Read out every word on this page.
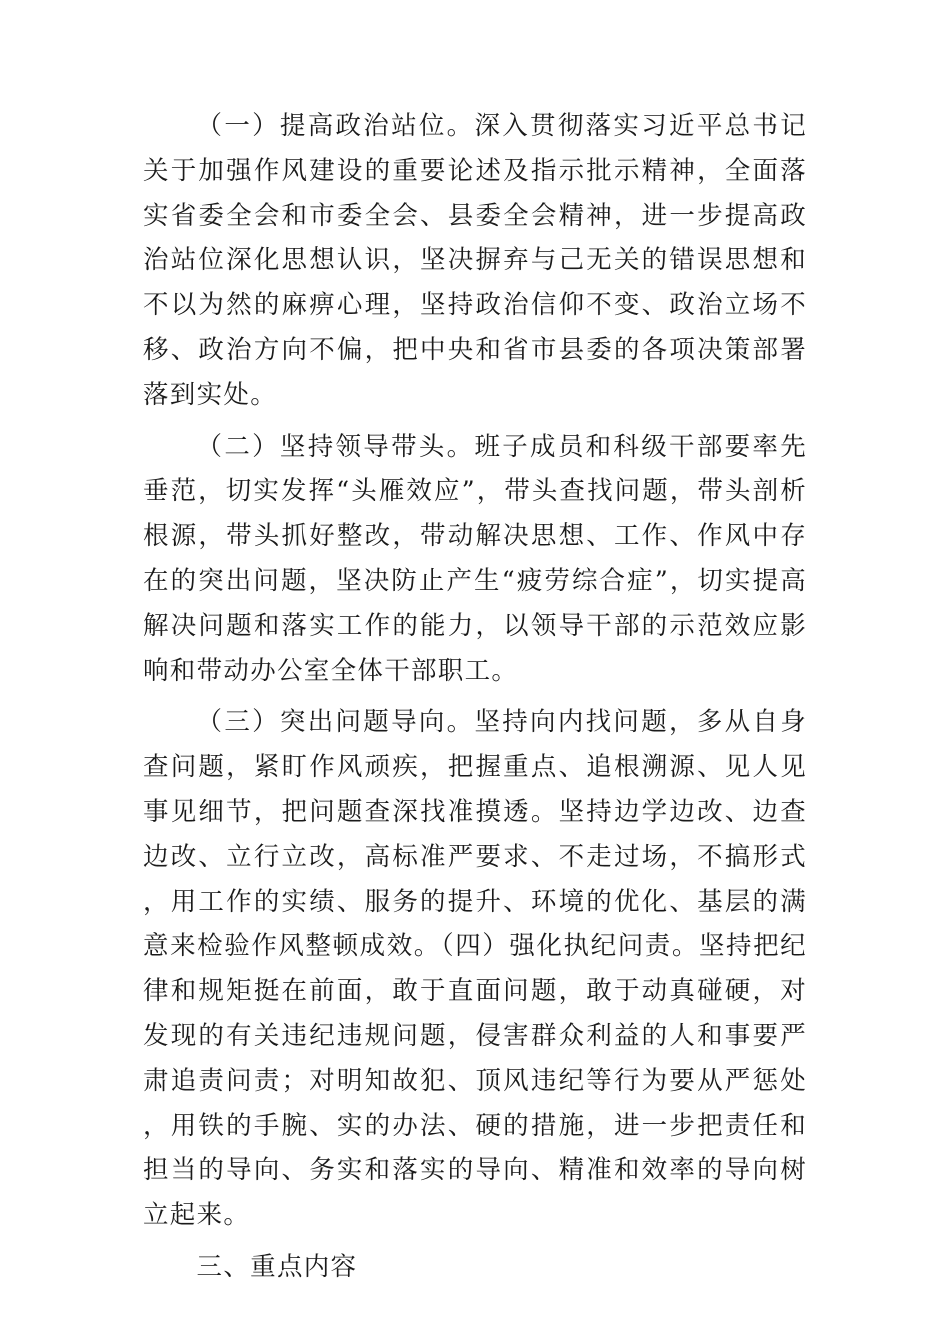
（一）提高政治站位。深入贯彻落实习近平总书记关于加强作风建设的重要论述及指示批示精神，全面落实省委全会和市委全会、县委全会精神，进一步提高政治站位深化思想认识，坚决摒弃与己无关的错误思想和不以为然的麻痹心理，坚持政治信仰不变、政治立场不移、政治方向不偏，把中央和省市县委的各项决策部署落到实处。

（二）坚持领导带头。班子成员和科级干部要率先垂范，切实发挥“头雁效应”，带头查找问题，带头剖析根源，带头抓好整改，带动解决思想、工作、作风中存在的突出问题，坚决防止产生“疲劳综合症”，切实提高解决问题和落实工作的能力，以领导干部的示范效应影响和带动办公室全体干部职工。

（三）突出问题导向。坚持向内找问题，多从自身查问题，紧盯作风顽疾，把握重点、追根溯源、见人见事见细节，把问题查深找准摸透。坚持边学边改、边查边改、立行立改，高标准严要求、不走过场，不搞形式，用工作的实绩、服务的提升、环境的优化、基层的满意来检验作风整顿成效。（四）强化执纪问责。坚持把纪律和规矩挺在前面，敢于直面问题，敢于动真碰硬，对发现的有关违纪违规问题，侵害群众利益的人和事要严肃追责问责；对明知故犯、顶风违纪等行为要从严惩处，用铁的手腕、实的办法、硬的措施，进一步把责任和担当的导向、务实和落实的导向、精准和效率的导向树立起来。

三、重点内容
